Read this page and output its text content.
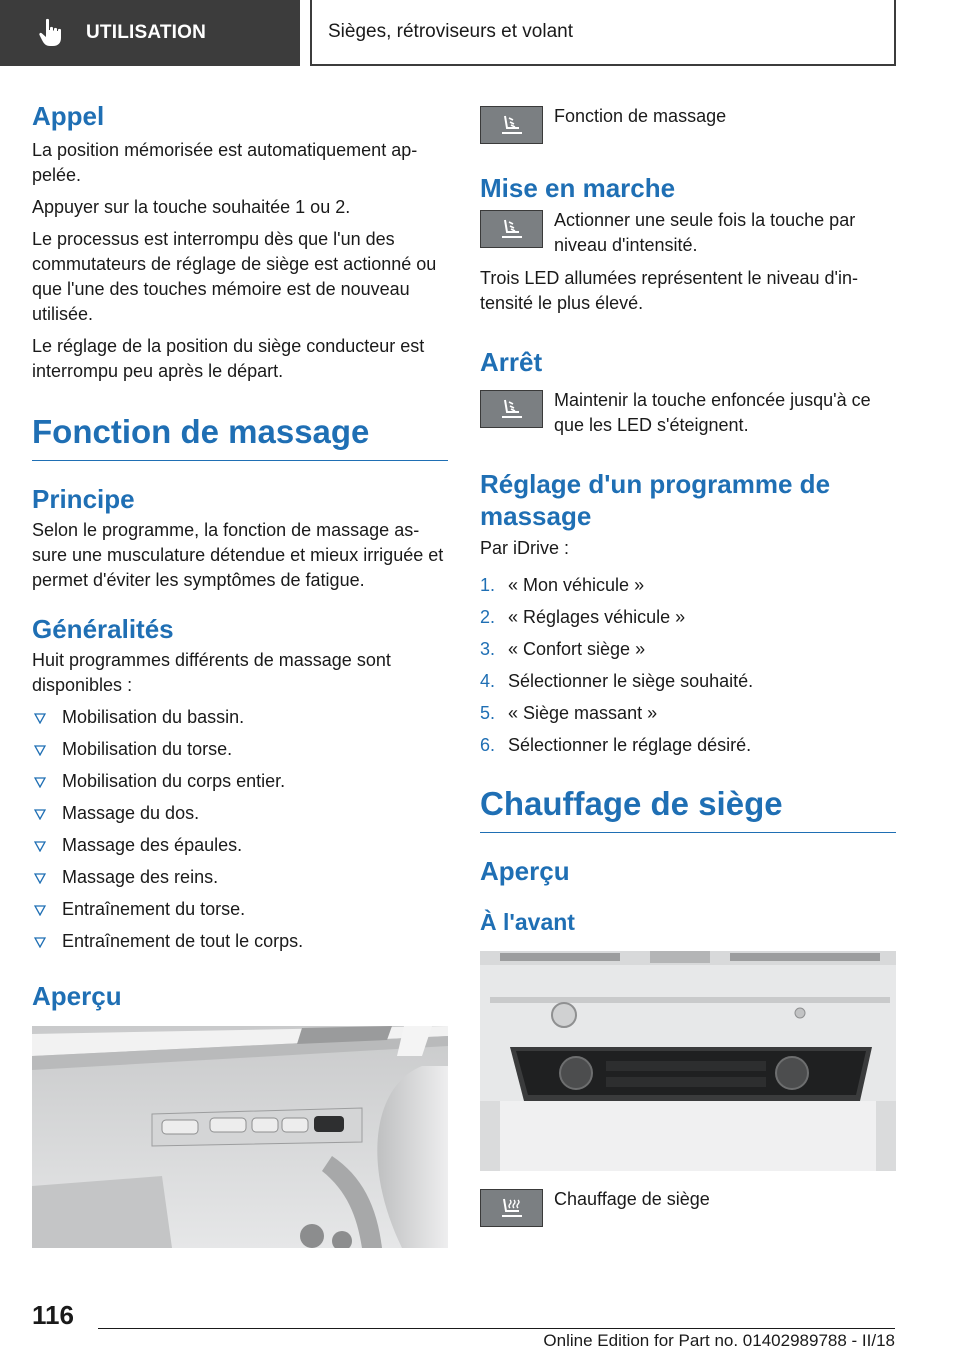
UTILISATION	Sièges, rétroviseurs et volant
Appel

La position mémorisée est automatiquement appelée.

Appuyer sur la touche souhaitée 1 ou 2.

Le processus est interrompu dès que l'un des commutateurs de réglage de siège est actionné ou que l'une des touches mémoire est de nouveau utilisée.

Le réglage de la position du siège conducteur est interrompu peu après le départ.

Fonction de massage
Principe

Selon le programme, la fonction de massage assure une musculature détendue et mieux irriguée et permet d'éviter les symptômes de fatigue.

Généralités

Huit programmes différents de massage sont disponibles :

Mobilisation du bassin.
Mobilisation du torse.
Mobilisation du corps entier.
Massage du dos.
Massage des épaules.
Massage des reins.
Entraînement du torse.
Entraînement de tout le corps.
Aperçu

Fonction de massage

Mise en marche

Actionner une seule fois la touche par niveau d'intensité.

Trois LED allumées représentent le niveau d'intensité le plus élevé.

Arrêt

Maintenir la touche enfoncée jusqu'à ce que les LED s'éteignent.

Réglage d'un programme de massage

Par iDrive :

1. « Mon véhicule »
2. « Réglages véhicule »
3. « Confort siège »
4. Sélectionner le siège souhaité.
5. « Siège massant »
6. Sélectionner le réglage désiré.
Chauffage de siège
Aperçu
À l'avant

Chauffage de siège

116
Online Edition for Part no. 01402989788 - II/18
